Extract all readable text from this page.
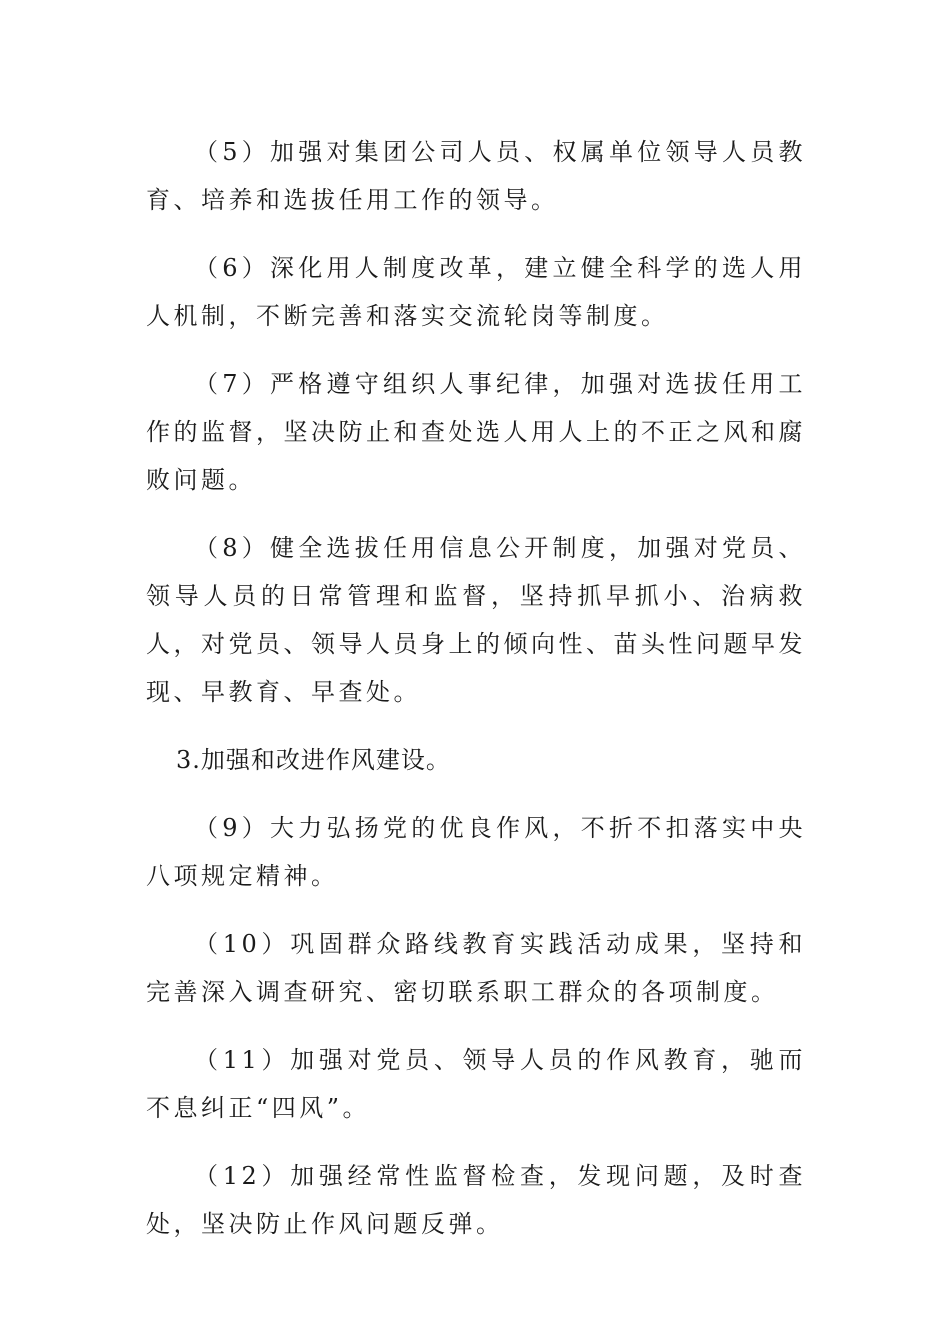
（5）加强对集团公司人员、权属单位领导人员教育、培养和选拔任用工作的领导。

（6）深化用人制度改革，建立健全科学的选人用人机制，不断完善和落实交流轮岗等制度。

（7）严格遵守组织人事纪律，加强对选拔任用工作的监督，坚决防止和查处选人用人上的不正之风和腐败问题。

（8）健全选拔任用信息公开制度，加强对党员、领导人员的日常管理和监督，坚持抓早抓小、治病救人，对党员、领导人员身上的倾向性、苗头性问题早发现、早教育、早查处。

3.加强和改进作风建设。

（9）大力弘扬党的优良作风，不折不扣落实中央八项规定精神。

（10）巩固群众路线教育实践活动成果，坚持和完善深入调查研究、密切联系职工群众的各项制度。

（11）加强对党员、领导人员的作风教育，驰而不息纠正“四风”。

（12）加强经常性监督检查，发现问题，及时查处，坚决防止作风问题反弹。
